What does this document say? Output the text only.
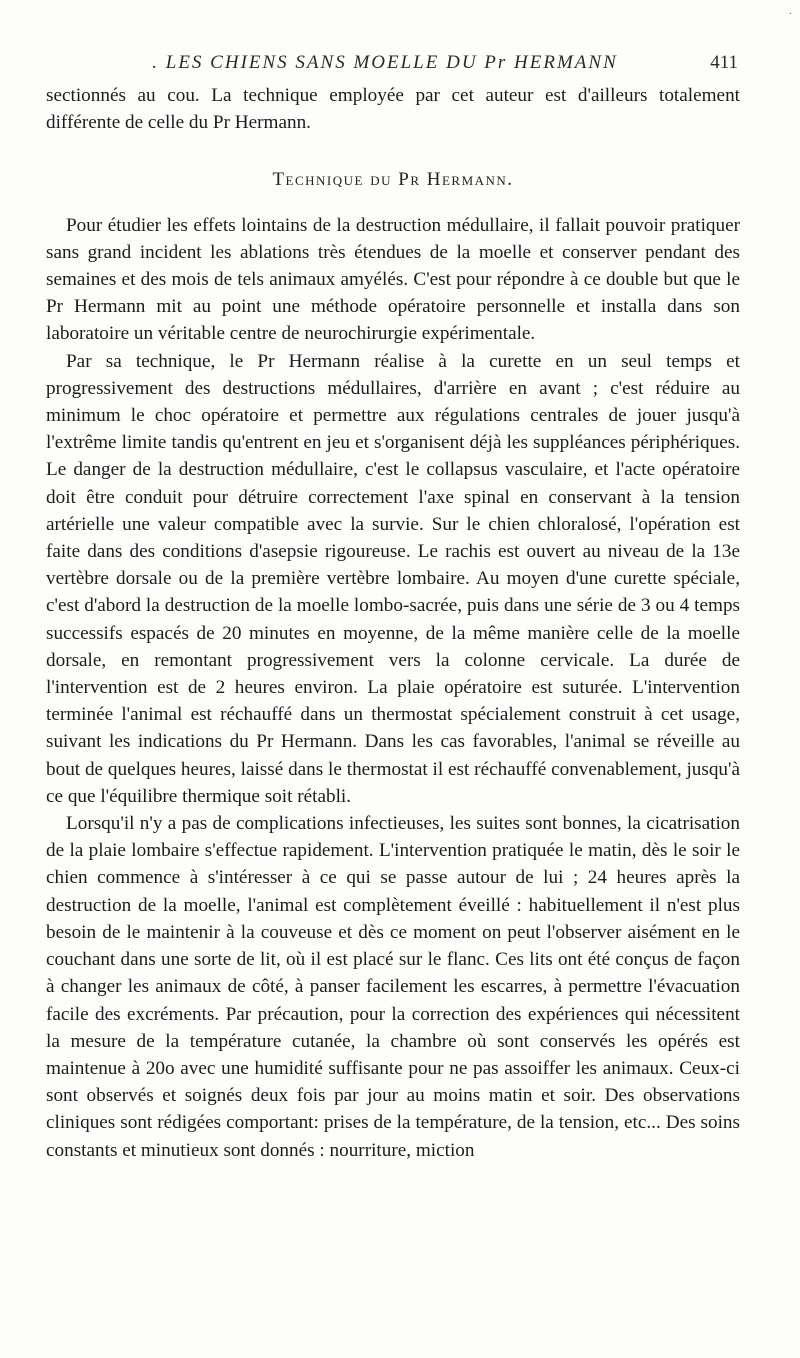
.
. LES CHIENS SANS MOELLE DU Pr HERMANN	411

sectionnés au cou. La technique employée par cet auteur est d'ailleurs totalement différente de celle du Pr Hermann.

Technique du Pr Hermann.

Pour étudier les effets lointains de la destruction médullaire, il fallait pouvoir pratiquer sans grand incident les ablations très étendues de la moelle et conserver pendant des semaines et des mois de tels animaux amyélés. C'est pour répondre à ce double but que le Pr Hermann mit au point une méthode opératoire personnelle et installa dans son laboratoire un véritable centre de neurochirurgie expérimentale.

Par sa technique, le Pr Hermann réalise à la curette en un seul temps et progressivement des destructions médullaires, d'arrière en avant ; c'est réduire au minimum le choc opératoire et permettre aux régulations centrales de jouer jusqu'à l'extrême limite tandis qu'entrent en jeu et s'organisent déjà les suppléances périphériques. Le danger de la destruction médullaire, c'est le collapsus vasculaire, et l'acte opératoire doit être conduit pour détruire correctement l'axe spinal en conservant à la tension artérielle une valeur compatible avec la survie. Sur le chien chloralosé, l'opération est faite dans des conditions d'asepsie rigoureuse. Le rachis est ouvert au niveau de la 13e vertèbre dorsale ou de la première vertèbre lombaire. Au moyen d'une curette spéciale, c'est d'abord la destruction de la moelle lombo-sacrée, puis dans une série de 3 ou 4 temps successifs espacés de 20 minutes en moyenne, de la même manière celle de la moelle dorsale, en remontant progressivement vers la colonne cervicale. La durée de l'intervention est de 2 heures environ. La plaie opératoire est suturée. L'intervention terminée l'animal est réchauffé dans un thermostat spécialement construit à cet usage, suivant les indications du Pr Hermann. Dans les cas favorables, l'animal se réveille au bout de quelques heures, laissé dans le thermostat il est réchauffé convenablement, jusqu'à ce que l'équilibre thermique soit rétabli.

Lorsqu'il n'y a pas de complications infectieuses, les suites sont bonnes, la cicatrisation de la plaie lombaire s'effectue rapidement. L'intervention pratiquée le matin, dès le soir le chien commence à s'intéresser à ce qui se passe autour de lui ; 24 heures après la destruction de la moelle, l'animal est complètement éveillé : habituellement il n'est plus besoin de le maintenir à la couveuse et dès ce moment on peut l'observer aisément en le couchant dans une sorte de lit, où il est placé sur le flanc. Ces lits ont été conçus de façon à changer les animaux de côté, à panser facilement les escarres, à permettre l'évacuation facile des excréments. Par précaution, pour la correction des expériences qui nécessitent la mesure de la température cutanée, la chambre où sont conservés les opérés est maintenue à 20o avec une humidité suffisante pour ne pas assoiffer les animaux. Ceux-ci sont observés et soignés deux fois par jour au moins matin et soir. Des observations cliniques sont rédigées comportant: prises de la température, de la tension, etc... Des soins constants et minutieux sont donnés : nourriture, miction
